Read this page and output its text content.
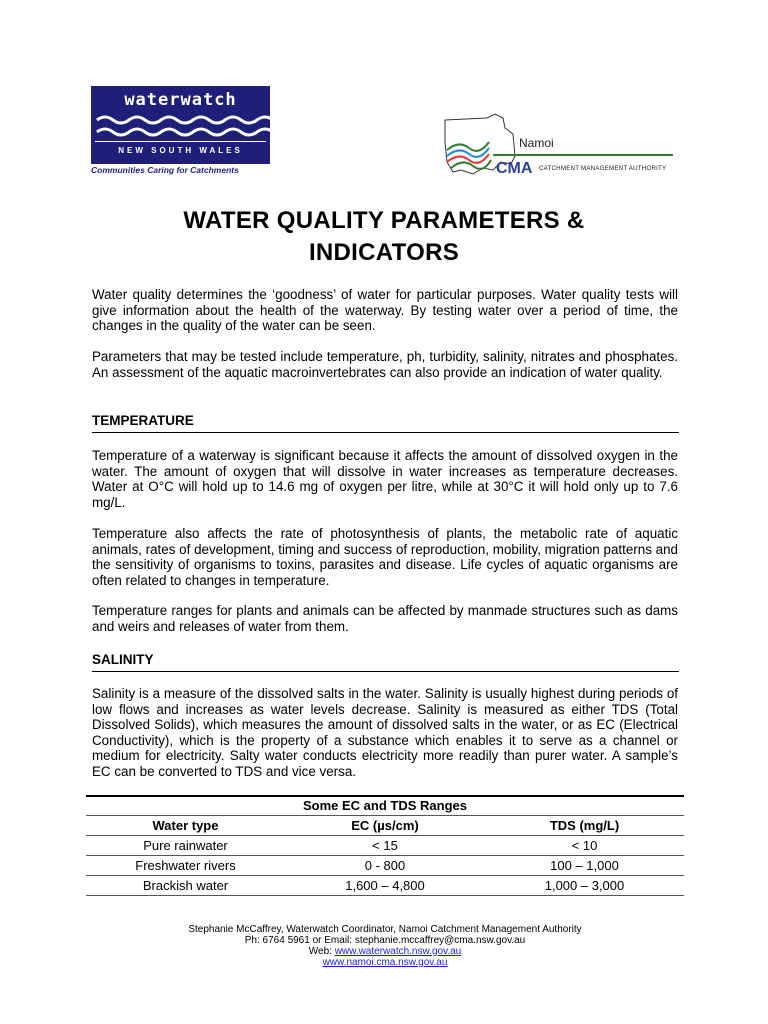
waterwatch
NEW SOUTH WALES
Communities Caring for Catchments
Namoi
CMA CATCHMENT MANAGEMENT AUTHORITY
WATER QUALITY PARAMETERS &
INDICATORS
Water quality determines the ‘goodness’ of water for particular purposes. Water quality tests will give information about the health of the waterway. By testing water over a period of time, the changes in the quality of the water can be seen.
Parameters that may be tested include temperature, ph, turbidity, salinity, nitrates and phosphates. An assessment of the aquatic macroinvertebrates can also provide an indication of water quality.
TEMPERATURE
Temperature of a waterway is significant because it affects the amount of dissolved oxygen in the water. The amount of oxygen that will dissolve in water increases as temperature decreases. Water at O°C will hold up to 14.6 mg of oxygen per litre, while at 30°C it will hold only up to 7.6 mg/L.
Temperature also affects the rate of photosynthesis of plants, the metabolic rate of aquatic animals, rates of development, timing and success of reproduction, mobility, migration patterns and the sensitivity of organisms to toxins, parasites and disease. Life cycles of aquatic organisms are often related to changes in temperature.
Temperature ranges for plants and animals can be affected by manmade structures such as dams and weirs and releases of water from them.
SALINITY
Salinity is a measure of the dissolved salts in the water. Salinity is usually highest during periods of low flows and increases as water levels decrease. Salinity is measured as either TDS (Total Dissolved Solids), which measures the amount of dissolved salts in the water, or as EC (Electrical Conductivity), which is the property of a substance which enables it to serve as a channel or medium for electricity. Salty water conducts electricity more readily than purer water. A sample’s EC can be converted to TDS and vice versa.
Some EC and TDS Ranges
Water type	EC (µs/cm)	TDS (mg/L)
Pure rainwater	< 15	< 10
Freshwater rivers	0 - 800	100 – 1,000
Brackish water	1,600 – 4,800	1,000 – 3,000
Stephanie McCaffrey, Waterwatch Coordinator, Namoi Catchment Management Authority
Ph: 6764 5961 or Email: stephanie.mccaffrey@cma.nsw.gov.au
Web: www.waterwatch.nsw.gov.au
www.namoi.cma.nsw.gov.au
